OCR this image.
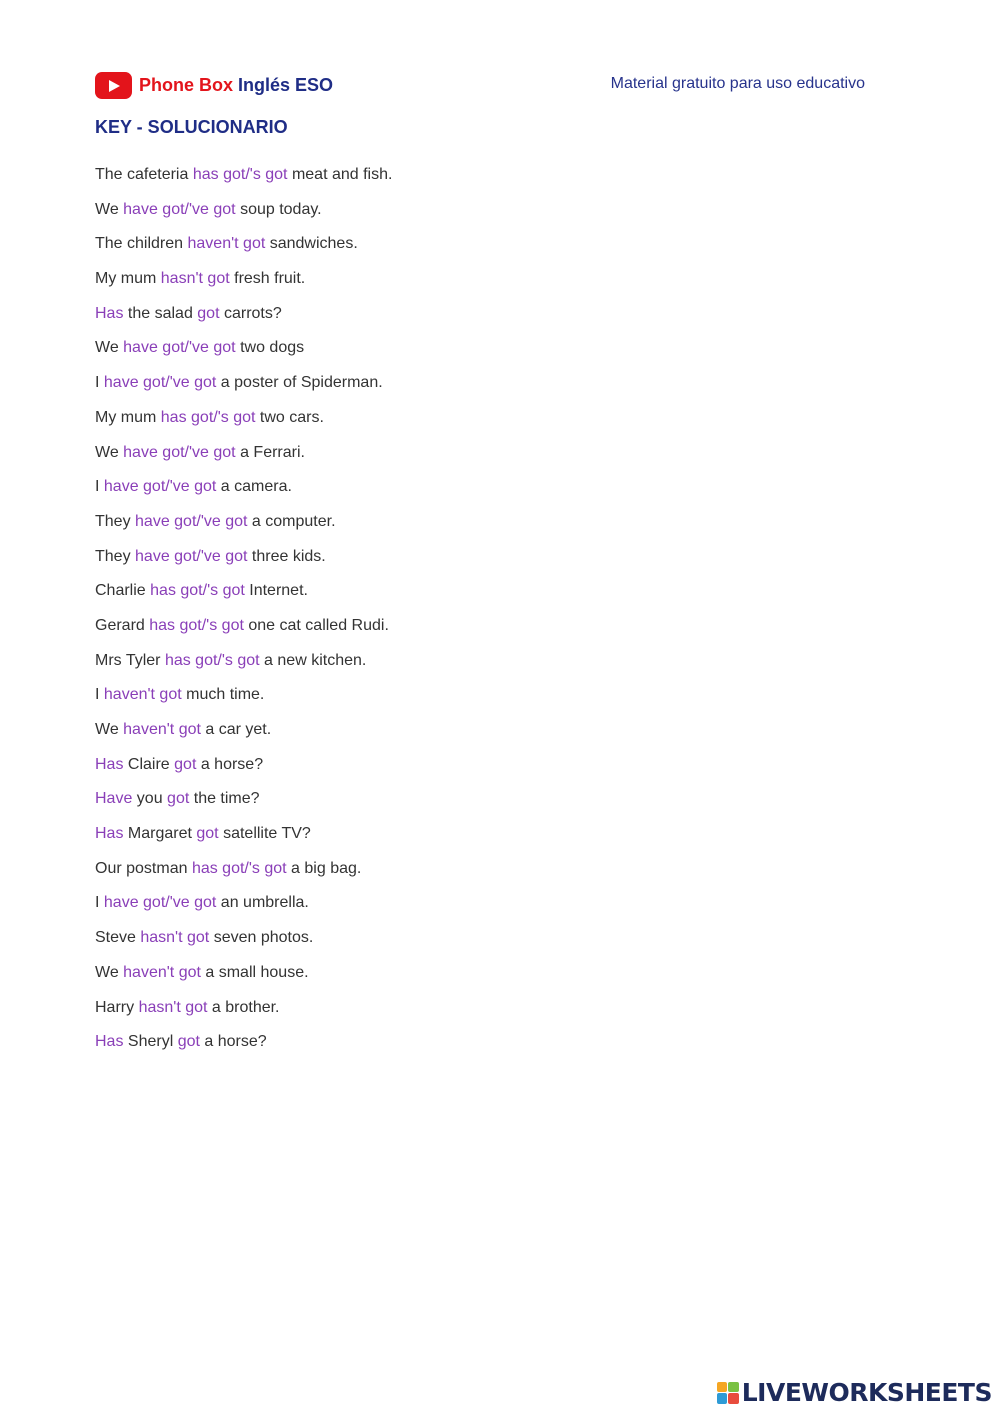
Phone Box Inglés ESO	Material gratuito para uso educativo
KEY - SOLUCIONARIO
The cafeteria has got/'s got meat and fish.
We have got/'ve got soup today.
The children haven't got sandwiches.
My mum hasn't got fresh fruit.
Has the salad got carrots?
We have got/'ve got two dogs
I have got/'ve got a poster of Spiderman.
My mum has got/'s got two cars.
We have got/'ve got a Ferrari.
I have got/'ve got a camera.
They have got/'ve got a computer.
They have got/'ve got three kids.
Charlie has got/'s got Internet.
Gerard has got/'s got one cat called Rudi.
Mrs Tyler has got/'s got a new kitchen.
I haven't got much time.
We haven't got a car yet.
Has Claire got a horse?
Have you got the time?
Has Margaret got satellite TV?
Our postman has got/'s got a big bag.
I have got/'ve got an umbrella.
Steve hasn't got seven photos.
We haven't got a small house.
Harry hasn't got a brother.
Has Sheryl got a horse?
LIVEWORKSHEETS
